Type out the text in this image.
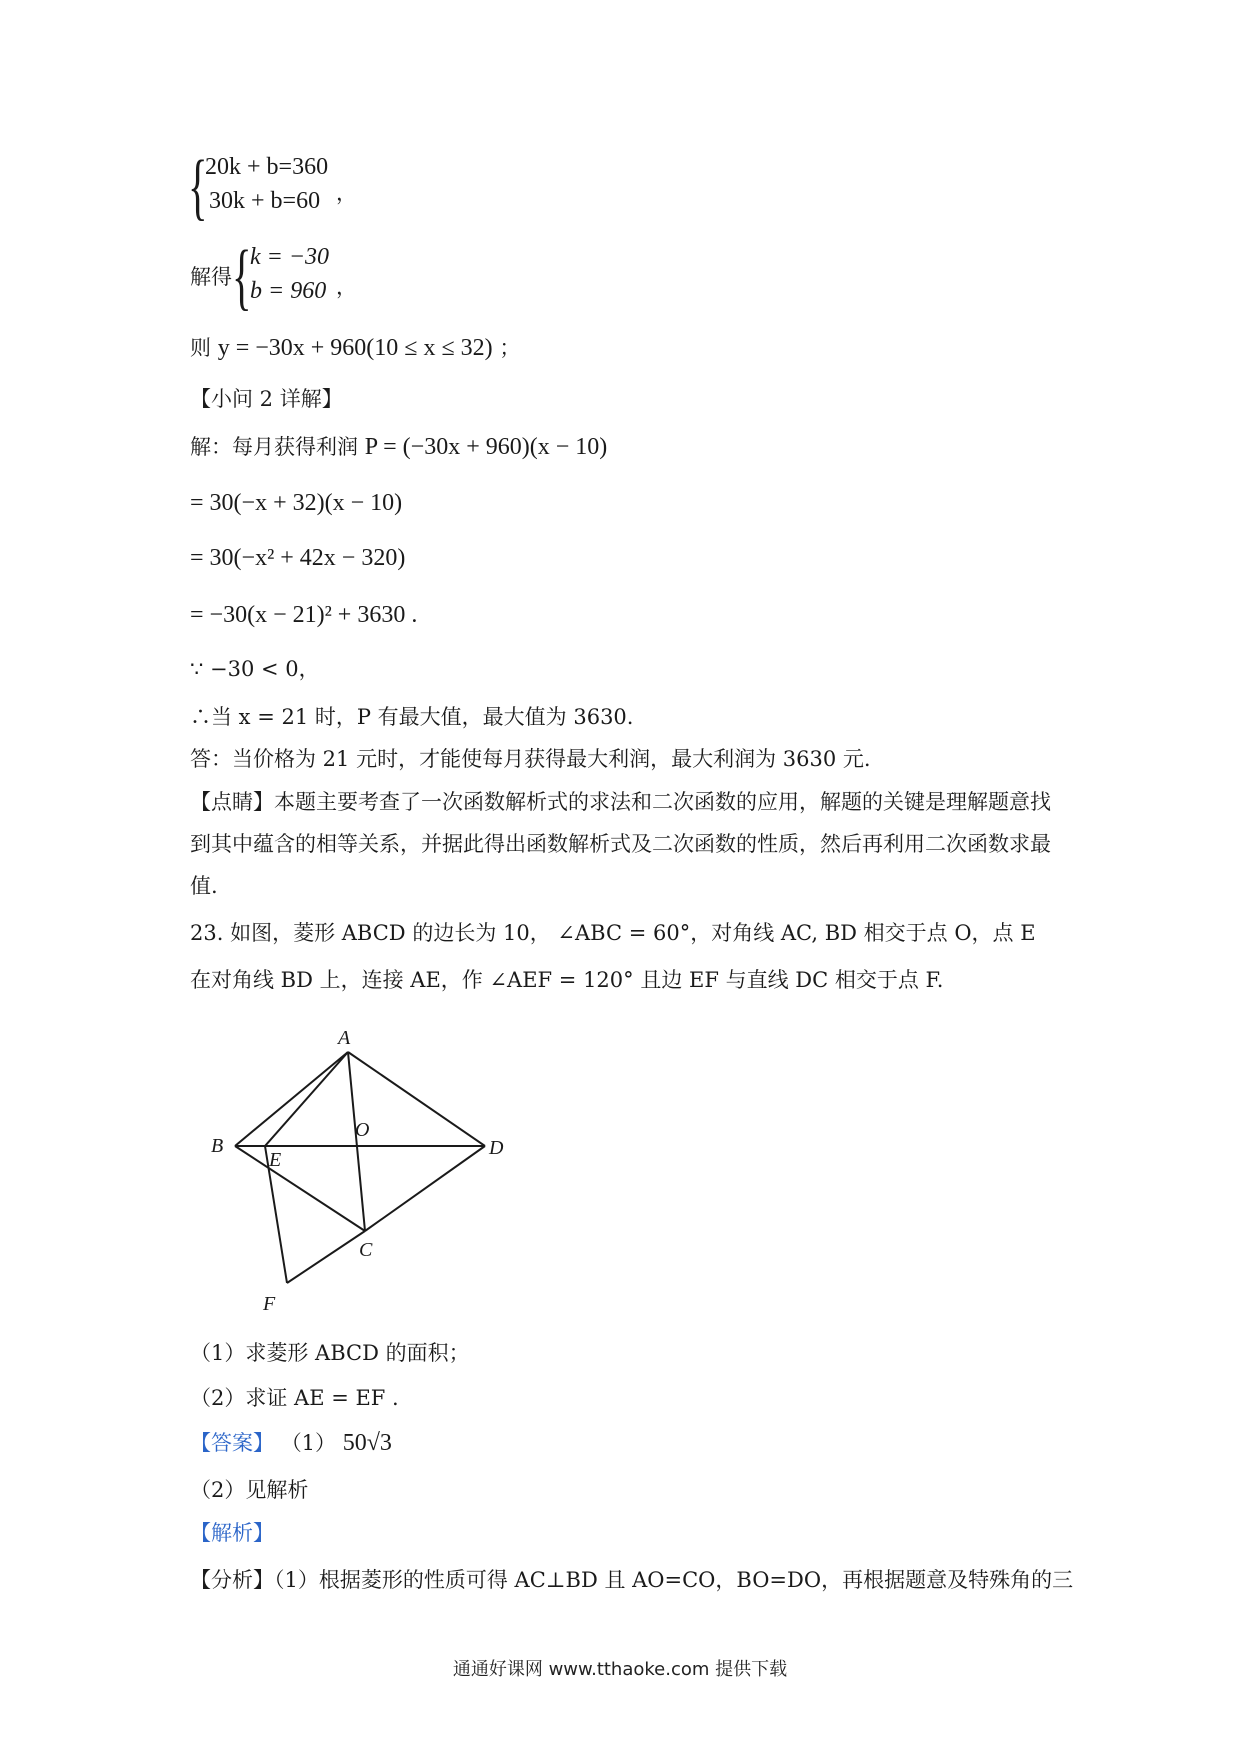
{
20k + b=360
30k + b=60 ，
解得 {
k = −30
b = 960 ，
则 y = −30x + 960(10 ≤ x ≤ 32) ；
【小问 2 详解】
解：每月获得利润 P = (−30x + 960)(x − 10)
= 30(−x + 32)(x − 10)
= 30(−x² + 42x − 320)
= −30(x − 21)² + 3630 .
∵ −30 < 0，
∴当 x = 21 时，P 有最大值，最大值为 3630.
答：当价格为 21 元时，才能使每月获得最大利润，最大利润为 3630 元.
【点睛】本题主要考查了一次函数解析式的求法和二次函数的应用，解题的关键是理解题意找到其中蕴含的相等关系，并据此得出函数解析式及二次函数的性质，然后再利用二次函数求最值.
23. 如图，菱形 ABCD 的边长为 10， ∠ABC = 60°，对角线 AC, BD 相交于点 O，点 E
在对角线 BD 上，连接 AE，作 ∠AEF = 120° 且边 EF 与直线 DC 相交于点 F.
A
B
O
D
E
C
F
（1）求菱形 ABCD 的面积；
（2）求证 AE = EF .
【答案】 （1） 50√3
（2）见解析
【解析】
【分析】（1）根据菱形的性质可得 AC⊥BD 且 AO=CO，BO=DO，再根据题意及特殊角的三
通通好课网 www.tthaoke.com 提供下载
